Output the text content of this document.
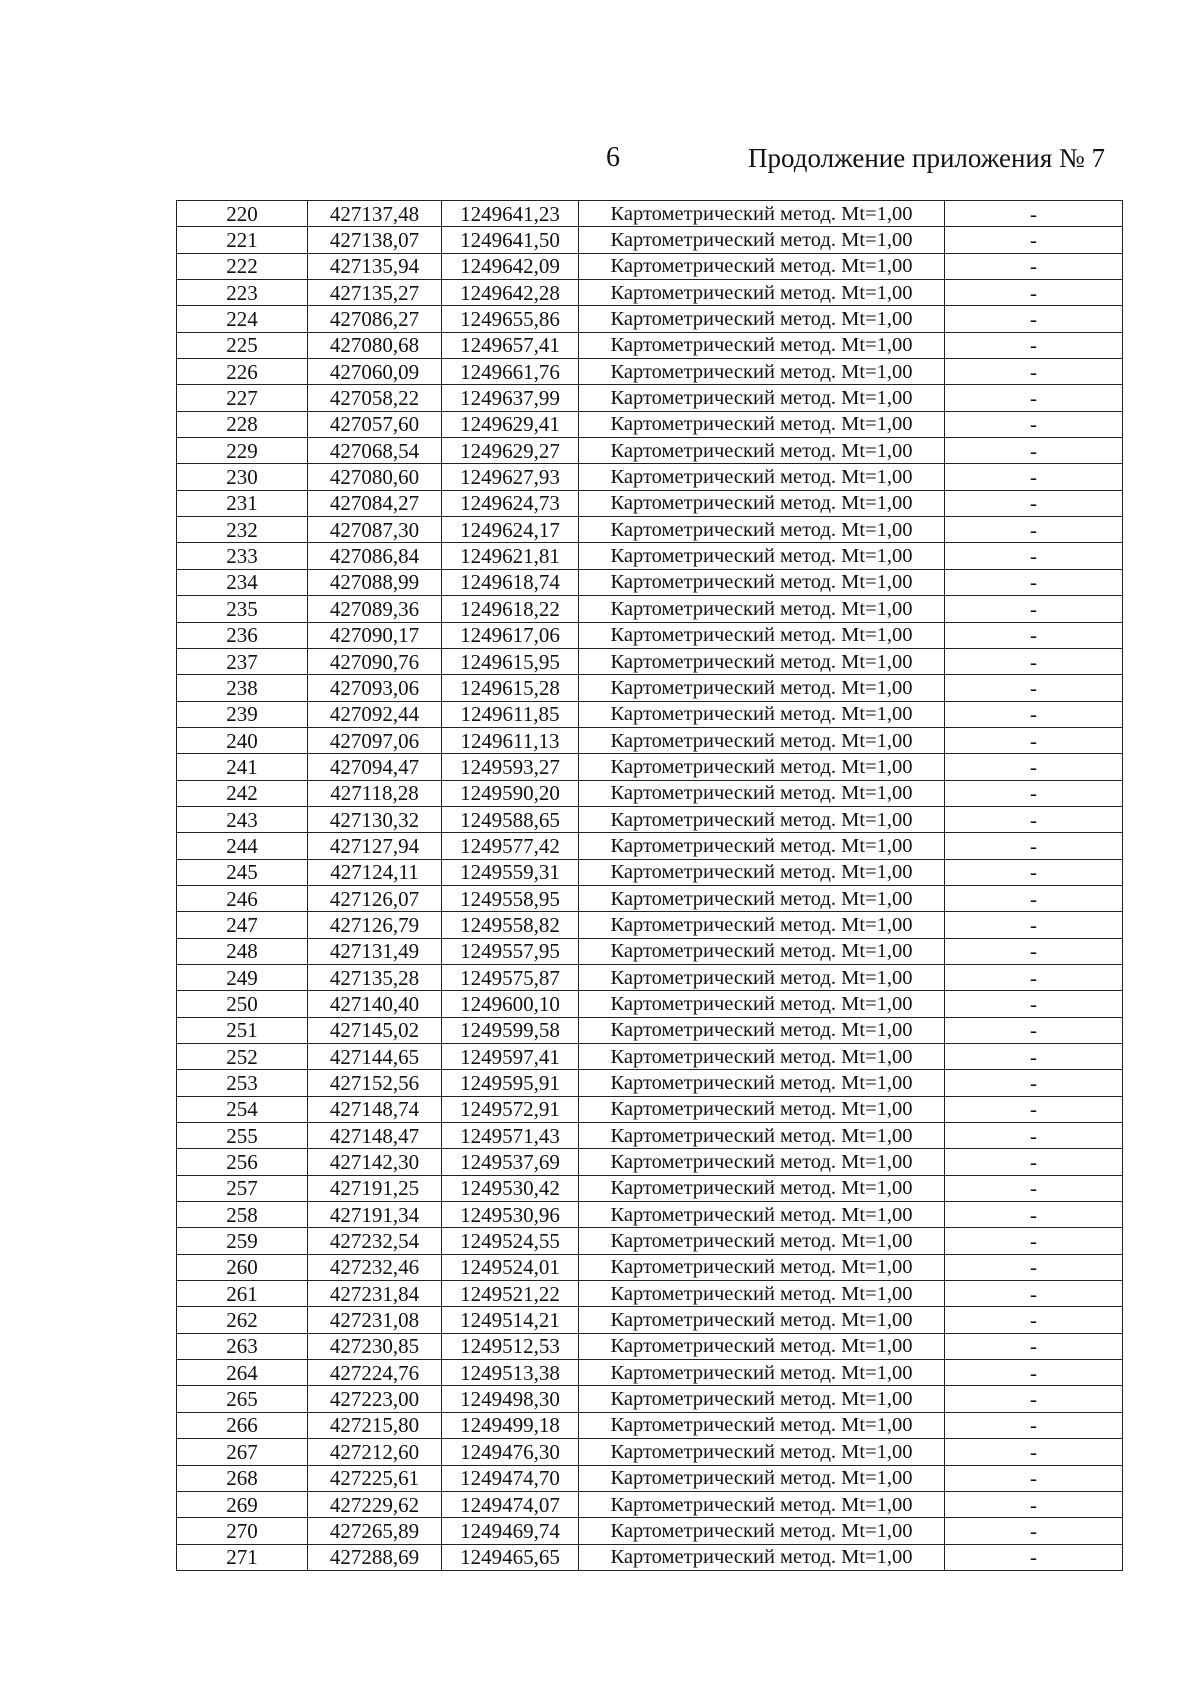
6	Продолжение приложения № 7
220	427137,48	1249641,23	Картометрический метод. Mt=1,00	-
221	427138,07	1249641,50	Картометрический метод. Mt=1,00	-
222	427135,94	1249642,09	Картометрический метод. Mt=1,00	-
223	427135,27	1249642,28	Картометрический метод. Mt=1,00	-
224	427086,27	1249655,86	Картометрический метод. Mt=1,00	-
225	427080,68	1249657,41	Картометрический метод. Mt=1,00	-
226	427060,09	1249661,76	Картометрический метод. Mt=1,00	-
227	427058,22	1249637,99	Картометрический метод. Mt=1,00	-
228	427057,60	1249629,41	Картометрический метод. Mt=1,00	-
229	427068,54	1249629,27	Картометрический метод. Mt=1,00	-
230	427080,60	1249627,93	Картометрический метод. Mt=1,00	-
231	427084,27	1249624,73	Картометрический метод. Mt=1,00	-
232	427087,30	1249624,17	Картометрический метод. Mt=1,00	-
233	427086,84	1249621,81	Картометрический метод. Mt=1,00	-
234	427088,99	1249618,74	Картометрический метод. Mt=1,00	-
235	427089,36	1249618,22	Картометрический метод. Mt=1,00	-
236	427090,17	1249617,06	Картометрический метод. Mt=1,00	-
237	427090,76	1249615,95	Картометрический метод. Mt=1,00	-
238	427093,06	1249615,28	Картометрический метод. Mt=1,00	-
239	427092,44	1249611,85	Картометрический метод. Mt=1,00	-
240	427097,06	1249611,13	Картометрический метод. Mt=1,00	-
241	427094,47	1249593,27	Картометрический метод. Mt=1,00	-
242	427118,28	1249590,20	Картометрический метод. Mt=1,00	-
243	427130,32	1249588,65	Картометрический метод. Mt=1,00	-
244	427127,94	1249577,42	Картометрический метод. Mt=1,00	-
245	427124,11	1249559,31	Картометрический метод. Mt=1,00	-
246	427126,07	1249558,95	Картометрический метод. Mt=1,00	-
247	427126,79	1249558,82	Картометрический метод. Mt=1,00	-
248	427131,49	1249557,95	Картометрический метод. Mt=1,00	-
249	427135,28	1249575,87	Картометрический метод. Mt=1,00	-
250	427140,40	1249600,10	Картометрический метод. Mt=1,00	-
251	427145,02	1249599,58	Картометрический метод. Mt=1,00	-
252	427144,65	1249597,41	Картометрический метод. Mt=1,00	-
253	427152,56	1249595,91	Картометрический метод. Mt=1,00	-
254	427148,74	1249572,91	Картометрический метод. Mt=1,00	-
255	427148,47	1249571,43	Картометрический метод. Mt=1,00	-
256	427142,30	1249537,69	Картометрический метод. Mt=1,00	-
257	427191,25	1249530,42	Картометрический метод. Mt=1,00	-
258	427191,34	1249530,96	Картометрический метод. Mt=1,00	-
259	427232,54	1249524,55	Картометрический метод. Mt=1,00	-
260	427232,46	1249524,01	Картометрический метод. Mt=1,00	-
261	427231,84	1249521,22	Картометрический метод. Mt=1,00	-
262	427231,08	1249514,21	Картометрический метод. Mt=1,00	-
263	427230,85	1249512,53	Картометрический метод. Mt=1,00	-
264	427224,76	1249513,38	Картометрический метод. Mt=1,00	-
265	427223,00	1249498,30	Картометрический метод. Mt=1,00	-
266	427215,80	1249499,18	Картометрический метод. Mt=1,00	-
267	427212,60	1249476,30	Картометрический метод. Mt=1,00	-
268	427225,61	1249474,70	Картометрический метод. Mt=1,00	-
269	427229,62	1249474,07	Картометрический метод. Mt=1,00	-
270	427265,89	1249469,74	Картометрический метод. Mt=1,00	-
271	427288,69	1249465,65	Картометрический метод. Mt=1,00	-
